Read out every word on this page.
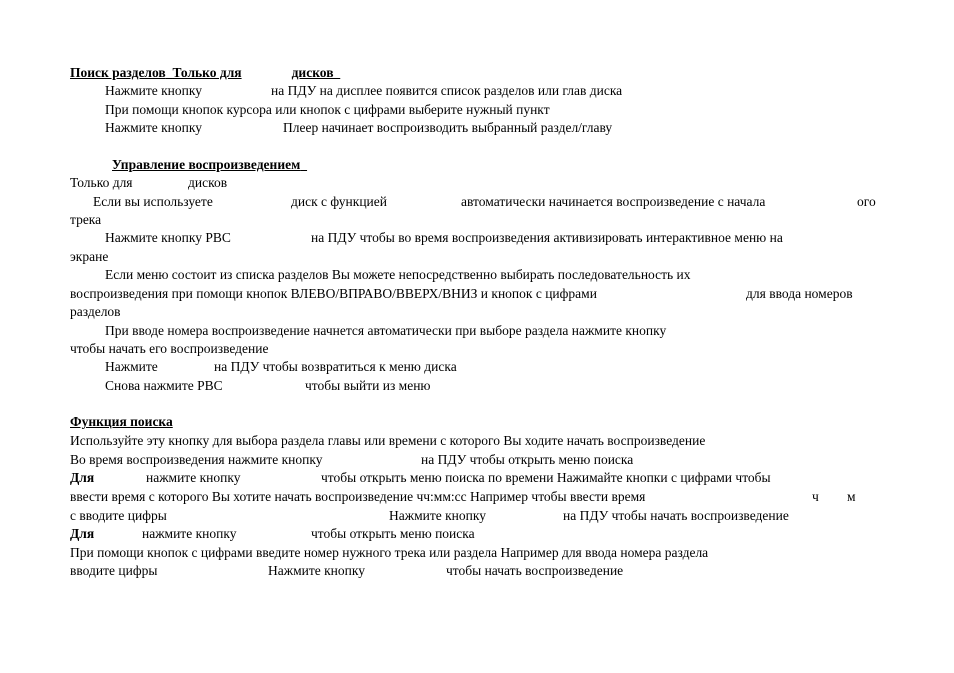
Поиск разделов Только для	дисков
Нажмите кнопку	на ПДУ на дисплее появится список разделов или глав диска
При помощи кнопок курсора или кнопок с цифрами выберите нужный пункт
Нажмите кнопку	Плеер начинает воспроизводить выбранный раздел/главу
Управление воспроизведением
Только для	дисков
Если вы используете	диск с функцией	автоматически начинается воспроизведение с начала	ого
трека
Нажмите кнопку PBC	на ПДУ чтобы во время воспроизведения активизировать интерактивное меню на
экране
Если меню состоит из списка разделов Вы можете непосредственно выбирать последовательность их
воспроизведения при помощи кнопок ВЛЕВО/ВПРАВО/ВВЕРХ/ВНИЗ и кнопок с цифрами	для ввода номеров
разделов
При вводе номера воспроизведение начнется автоматически при выборе раздела нажмите кнопку
чтобы начать его воспроизведение
Нажмите	на ПДУ чтобы возвратиться к меню диска
Снова нажмите PBC	чтобы выйти из меню
Функция поиска
Используйте эту кнопку для выбора раздела главы или времени с которого Вы ходите начать воспроизведение
Во время воспроизведения нажмите кнопку	на ПДУ чтобы открыть меню поиска
Для	нажмите кнопку	чтобы открыть меню поиска по времени Нажимайте кнопки с цифрами чтобы
ввести время с которого Вы хотите начать воспроизведение чч:мм:сс Например чтобы ввести время	ч м
с вводите цифры	Нажмите кнопку	на ПДУ чтобы начать воспроизведение
Для	нажмите кнопку	чтобы открыть меню поиска
При помощи кнопок с цифрами введите номер нужного трека или раздела Например для ввода номера раздела
вводите цифры	Нажмите кнопку	чтобы начать воспроизведение
